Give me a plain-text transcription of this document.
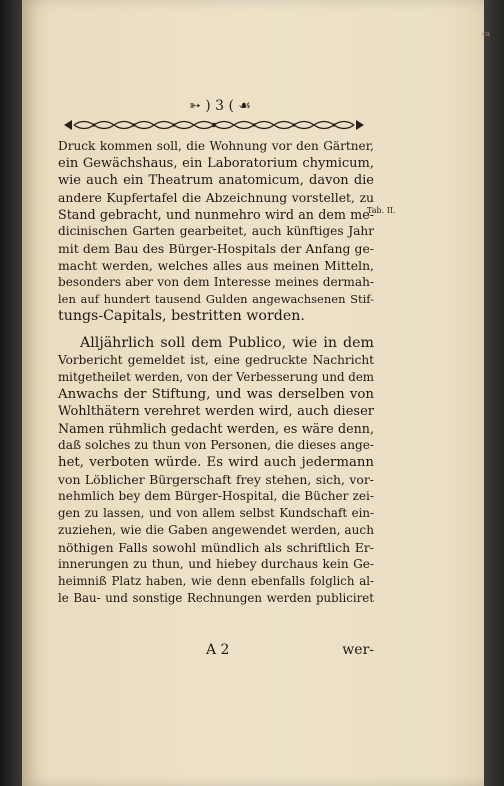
ca
➳ ) 3 ( ☙
Druck kommen soll, die Wohnung vor den Gärtner,
ein Gewächshaus, ein Laboratorium chymicum,
wie auch ein Theatrum anatomicum, davon die
andere Kupfertafel die Abzeichnung vorstellet, zu
Stand gebracht, und nunmehro wird an dem me-
dicinischen Garten gearbeitet, auch künftiges Jahr
mit dem Bau des Bürger-Hospitals der Anfang ge-
macht werden, welches alles aus meinen Mitteln,
besonders aber von dem Interesse meines dermah-
len auf hundert tausend Gulden angewachsenen Stif-
tungs-Capitals, bestritten worden.
Alljährlich soll dem Publico, wie in dem
Vorbericht gemeldet ist, eine gedruckte Nachricht
mitgetheilet werden, von der Verbesserung und dem
Anwachs der Stiftung, und was derselben von
Wohlthätern verehret werden wird, auch dieser
Namen rühmlich gedacht werden, es wäre denn,
daß solches zu thun von Personen, die dieses ange-
het, verboten würde. Es wird auch jedermann
von Löblicher Bürgerschaft frey stehen, sich, vor-
nehmlich bey dem Bürger-Hospital, die Bücher zei-
gen zu lassen, und von allem selbst Kundschaft ein-
zuziehen, wie die Gaben angewendet werden, auch
nöthigen Falls sowohl mündlich als schriftlich Er-
innerungen zu thun, und hiebey durchaus kein Ge-
heimniß Platz haben, wie denn ebenfalls folglich al-
le Bau- und sonstige Rechnungen werden publiciret
Tab. II.
A 2	wer-
